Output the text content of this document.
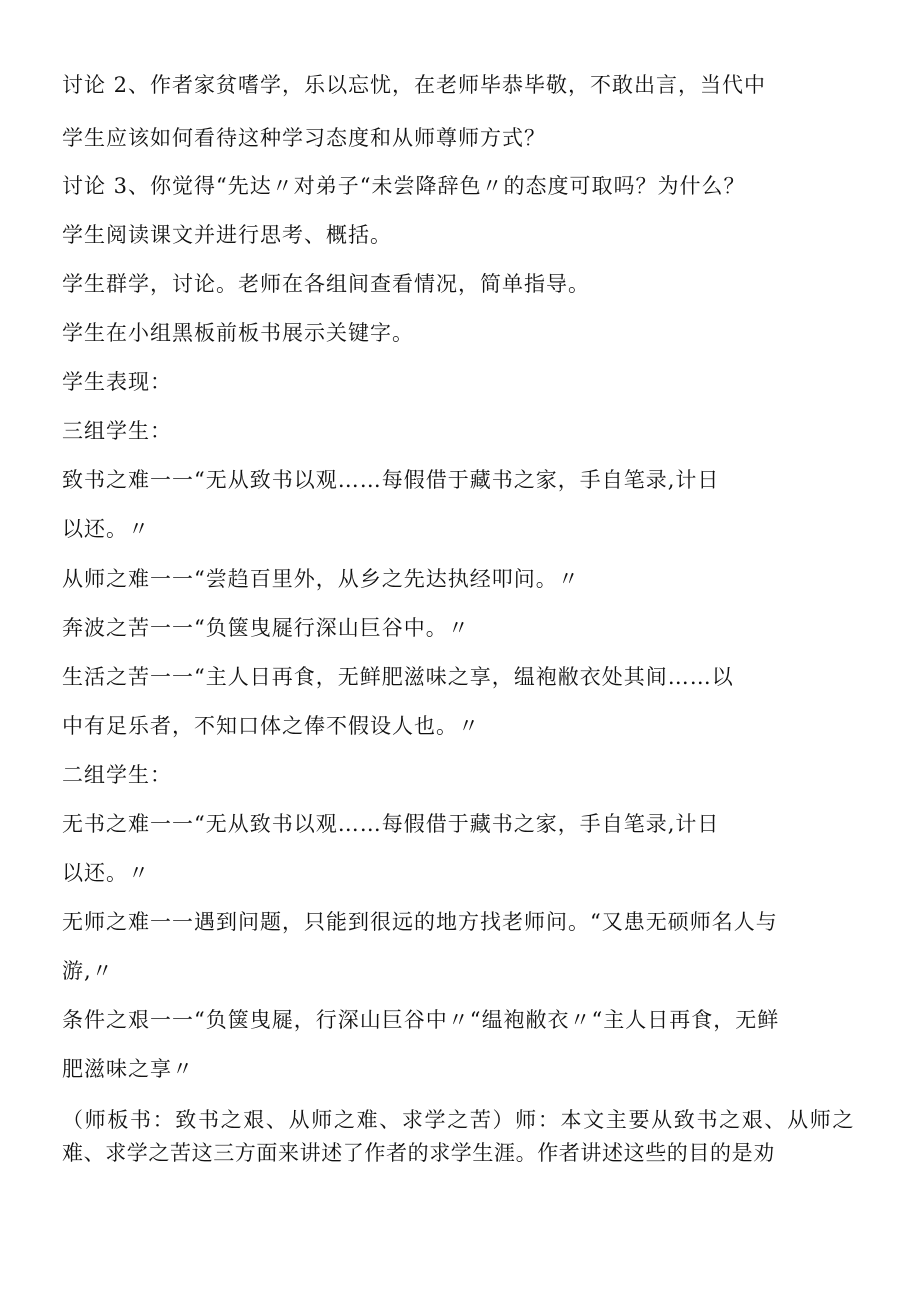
讨论 2、作者家贫嗜学，乐以忘忧，在老师毕恭毕敬，不敢出言，当代中
学生应该如何看待这种学习态度和从师尊师方式？
讨论 3、你觉得“先达〃对弟子“未尝降辞色〃的态度可取吗？为什么？
学生阅读课文并进行思考、概括。
学生群学，讨论。老师在各组间查看情况，简单指导。
学生在小组黑板前板书展示关键字。
学生表现：
三组学生：
致书之难一一“无从致书以观……每假借于藏书之家，手自笔录,计日
以还。〃
从师之难一一“尝趋百里外，从乡之先达执经叩问。〃
奔波之苦一一“负箧曳屣行深山巨谷中。〃
生活之苦一一“主人日再食，无鲜肥滋味之享，缊袍敝衣处其间……以
中有足乐者，不知口体之俸不假设人也。〃
二组学生：
无书之难一一“无从致书以观……每假借于藏书之家，手自笔录,计日
以还。〃
无师之难一一遇到问题，只能到很远的地方找老师问。“又患无硕师名人与
游,〃
条件之艰一一“负箧曳屣，行深山巨谷中〃“缊袍敝衣〃“主人日再食，无鲜
肥滋味之享〃
（师板书：致书之艰、从师之难、求学之苦）师：本文主要从致书之艰、从师之难、求学之苦这三方面来讲述了作者的求学生涯。作者讲述这些的目的是劝
